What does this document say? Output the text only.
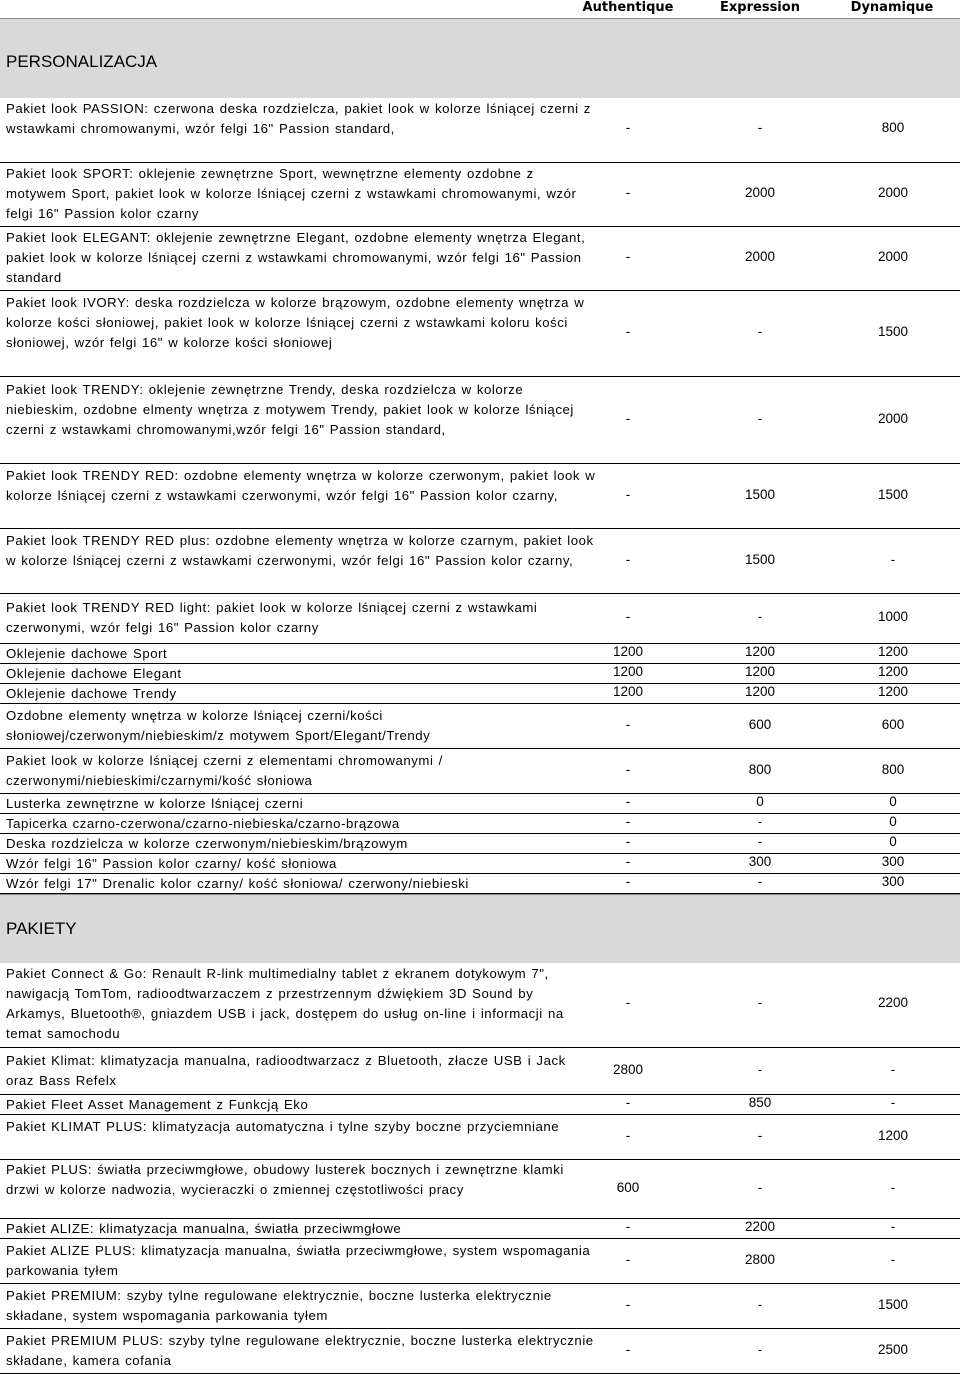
Authentique	Expression	Dynamique
PERSONALIZACJA
Pakiet look PASSION: czerwona deska rozdzielcza, pakiet look w kolorze lśniącej czerni z wstawkami chromowanymi, wzór felgi 16" Passion standard,	-	-	800
Pakiet look SPORT: oklejenie zewnętrzne Sport, wewnętrzne elementy ozdobne z motywem Sport, pakiet look w kolorze lśniącej czerni z wstawkami chromowanymi, wzór felgi 16" Passion kolor czarny
-	2000	2000
Pakiet look ELEGANT: oklejenie zewnętrzne Elegant, ozdobne elementy wnętrza Elegant, pakiet look w kolorze lśniącej czerni z wstawkami chromowanymi, wzór felgi 16" Passion standard
-	2000	2000
Pakiet look IVORY: deska rozdzielcza w kolorze brązowym, ozdobne elementy wnętrza w kolorze kości słoniowej, pakiet look w kolorze lśniącej czerni z wstawkami koloru kości słoniowej, wzór felgi 16" w kolorze kości słoniowej
-	-	1500
Pakiet look TRENDY: oklejenie zewnętrzne Trendy, deska rozdzielcza w kolorze niebieskim, ozdobne elmenty wnętrza z motywem Trendy, pakiet look w kolorze lśniącej czerni z wstawkami chromowanymi,wzór felgi 16" Passion standard,
-	-	2000
Pakiet look TRENDY RED: ozdobne elementy wnętrza w kolorze czerwonym, pakiet look w kolorze lśniącej czerni z wstawkami czerwonymi, wzór felgi 16" Passion kolor czarny,	-	1500	1500
Pakiet look TRENDY RED plus: ozdobne elementy wnętrza w kolorze czarnym, pakiet look w kolorze lśniącej czerni z wstawkami czerwonymi, wzór felgi 16" Passion kolor czarny,	-	1500	-
Pakiet look TRENDY RED light: pakiet look w kolorze lśniącej czerni z wstawkami czerwonymi, wzór felgi 16" Passion kolor czarny
-	-	1000
Oklejenie dachowe Sport	1200	1200	1200
Oklejenie dachowe Elegant	1200	1200	1200
Oklejenie dachowe Trendy	1200	1200	1200
Ozdobne elementy wnętrza w kolorze lśniącej czerni/kości słoniowej/czerwonym/niebieskim/z motywem Sport/Elegant/Trendy
-	600	600
Pakiet look w kolorze lśniącej czerni z elementami chromowanymi / czerwonymi/niebieskimi/czarnymi/kość słoniowa
-	800	800
Lusterka zewnętrzne w kolorze lśniącej czerni	-	0	0
Tapicerka czarno-czerwona/czarno-niebieska/czarno-brązowa	-	-	0
Deska rozdzielcza w kolorze czerwonym/niebieskim/brązowym	-	-	0
Wzór felgi 16" Passion kolor czarny/ kość słoniowa	-	300	300
Wzór felgi 17" Drenalic kolor czarny/ kość słoniowa/ czerwony/niebieski	-	-	300
PAKIETY
Pakiet Connect & Go: Renault R-link multimedialny tablet z ekranem dotykowym 7", nawigacją TomTom, radioodtwarzaczem z przestrzennym dźwiękiem 3D Sound by Arkamys, Bluetooth®, gniazdem USB i jack, dostępem do usług on-line i informacji na temat samochodu
-	-	2200
Pakiet Klimat: klimatyzacja manualna, radioodtwarzacz z Bluetooth, złacze USB i Jack oraz Bass Refelx
2800	-	-
Pakiet Fleet Asset Management z Funkcją Eko	-	850	-
Pakiet KLIMAT PLUS: klimatyzacja automatyczna i tylne szyby boczne przyciemniane
-	-	1200
Pakiet PLUS: światła przeciwmgłowe, obudowy lusterek bocznych i zewnętrzne klamki drzwi w kolorze nadwozia, wycieraczki o zmiennej częstotliwości pracy	600	-	-
Pakiet ALIZE: klimatyzacja manualna, światła przeciwmgłowe	-	2200	-
Pakiet ALIZE PLUS: klimatyzacja manualna, światła przeciwmgłowe, system wspomagania parkowania tyłem
-	2800	-
Pakiet PREMIUM: szyby tylne regulowane elektrycznie, boczne lusterka elektrycznie składane, system wspomagania parkowania tyłem
-	-	1500
Pakiet PREMIUM PLUS: szyby tylne regulowane elektrycznie, boczne lusterka elektrycznie składane, kamera cofania
-	-	2500
